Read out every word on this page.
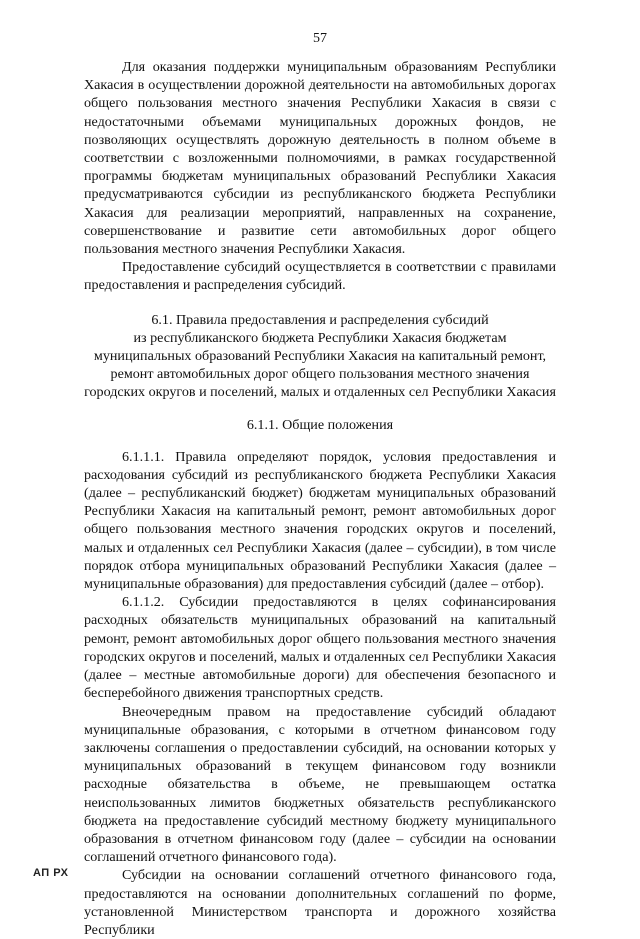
57

Для оказания поддержки муниципальным образованиям Республики Хакасия в осуществлении дорожной деятельности на автомобильных дорогах общего пользования местного значения Республики Хакасия в связи с недостаточными объемами муниципальных дорожных фондов, не позволяющих осуществлять дорожную деятельность в полном объеме в соответствии с возложенными полномочиями, в рамках государственной программы бюджетам муниципальных образований Республики Хакасия предусматриваются субсидии из республиканского бюджета Республики Хакасия для реализации мероприятий, направленных на сохранение, совершенствование и развитие сети автомобильных дорог общего пользования местного значения Республики Хакасия.

Предоставление субсидий осуществляется в соответствии с правилами предоставления и распределения субсидий.

6.1. Правила предоставления и распределения субсидий
из республиканского бюджета Республики Хакасия бюджетам
муниципальных образований Республики Хакасия на капитальный ремонт,
ремонт автомобильных дорог общего пользования местного значения
городских округов и поселений, малых и отдаленных сел Республики Хакасия
6.1.1. Общие положения

6.1.1.1. Правила определяют порядок, условия предоставления и расходования субсидий из республиканского бюджета Республики Хакасия (далее – республиканский бюджет) бюджетам муниципальных образований Республики Хакасия на капитальный ремонт, ремонт автомобильных дорог общего пользования местного значения городских округов и поселений, малых и отдаленных сел Республики Хакасия (далее – субсидии), в том числе порядок отбора муниципальных образований Республики Хакасия (далее – муниципальные образования) для предоставления субсидий (далее – отбор).

6.1.1.2. Субсидии предоставляются в целях софинансирования расходных обязательств муниципальных образований на капитальный ремонт, ремонт автомобильных дорог общего пользования местного значения городских округов и поселений, малых и отдаленных сел Республики Хакасия (далее – местные автомобильные дороги) для обеспечения безопасного и бесперебойного движения транспортных средств.

Внеочередным правом на предоставление субсидий обладают муниципальные образования, с которыми в отчетном финансовом году заключены соглашения о предоставлении субсидий, на основании которых у муниципальных образований в текущем финансовом году возникли расходные обязательства в объеме, не превышающем остатка неиспользованных лимитов бюджетных обязательств республиканского бюджета на предоставление субсидий местному бюджету муниципального образования в отчетном финансовом году (далее – субсидии на основании соглашений отчетного финансового года).

Субсидии на основании соглашений отчетного финансового года, предоставляются на основании дополнительных соглашений по форме, установленной Министерством транспорта и дорожного хозяйства Республики

АП РХ
